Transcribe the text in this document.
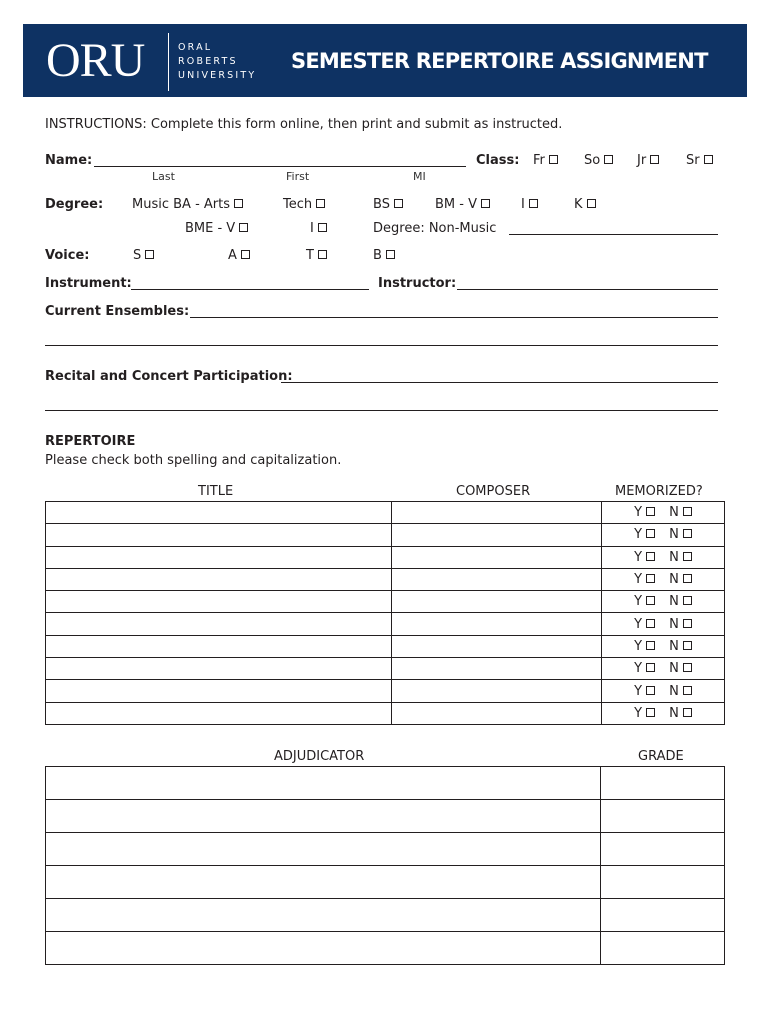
ORU	ORAL
ROBERTS
UNIVERSITY
SEMESTER REPERTOIRE ASSIGNMENT
INSTRUCTIONS: Complete this form online, then print and submit as instructed.
Name:
Last	First	MI
Class: Fr	So	Jr	Sr
Degree: Music BA - Arts	Tech	BS	BM - V	I	K
BME - V	I	Degree: Non-Music
Voice:	S	A	T	B
Instrument:	Instructor:
Current Ensembles:
Recital and Concert Participation:
REPERTOIRE
Please check both spelling and capitalization.
TITLE	COMPOSER	MEMORIZED?
		Y N
		Y N
		Y N
		Y N
		Y N
		Y N
		Y N
		Y N
		Y N
		Y N
ADJUDICATOR	GRADE
